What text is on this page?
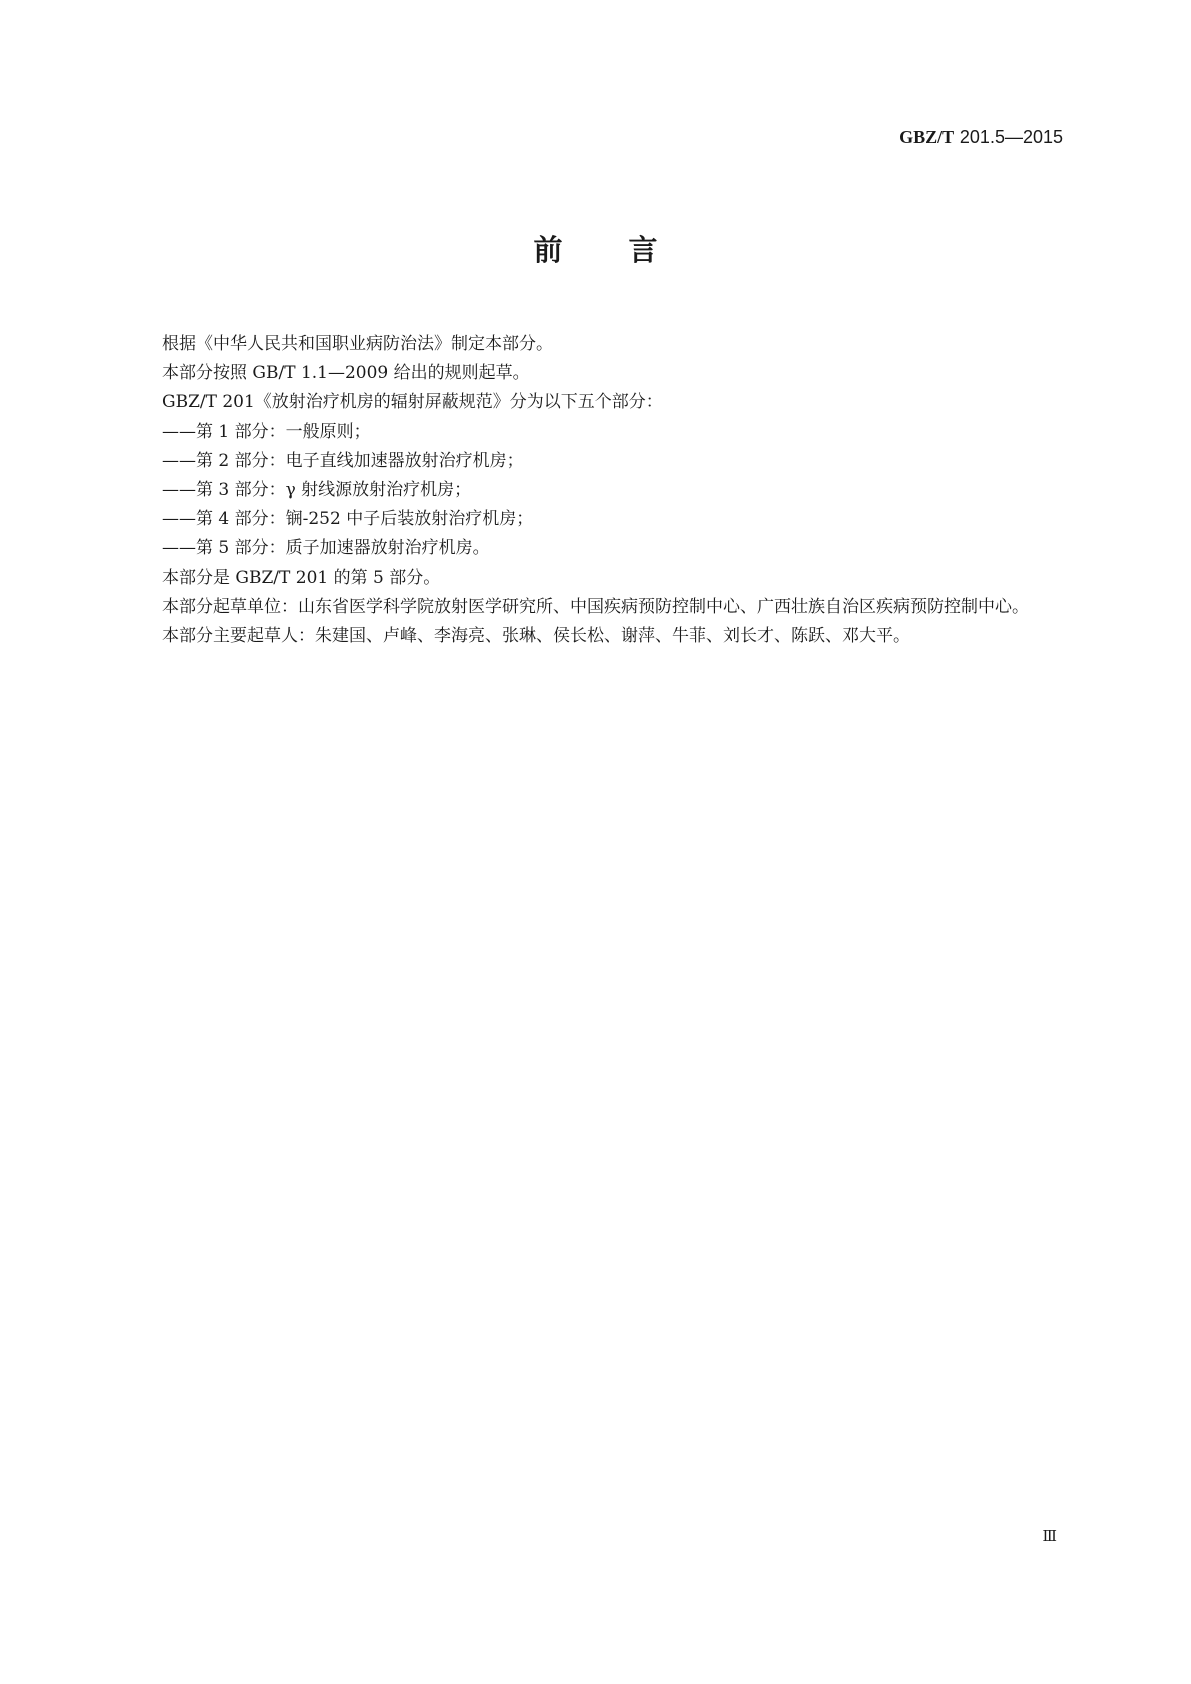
GBZ/T 201.5—2015
前言

根据《中华人民共和国职业病防治法》制定本部分。

本部分按照 GB/T 1.1—2009 给出的规则起草。

GBZ/T 201《放射治疗机房的辐射屏蔽规范》分为以下五个部分：

——第 1 部分：一般原则；

——第 2 部分：电子直线加速器放射治疗机房；

——第 3 部分：γ 射线源放射治疗机房；

——第 4 部分：锎-252 中子后装放射治疗机房；

——第 5 部分：质子加速器放射治疗机房。

本部分是 GBZ/T 201 的第 5 部分。

本部分起草单位：山东省医学科学院放射医学研究所、中国疾病预防控制中心、广西壮族自治区疾病预防控制中心。

本部分主要起草人：朱建国、卢峰、李海亮、张琳、侯长松、谢萍、牛菲、刘长才、陈跃、邓大平。

Ⅲ
